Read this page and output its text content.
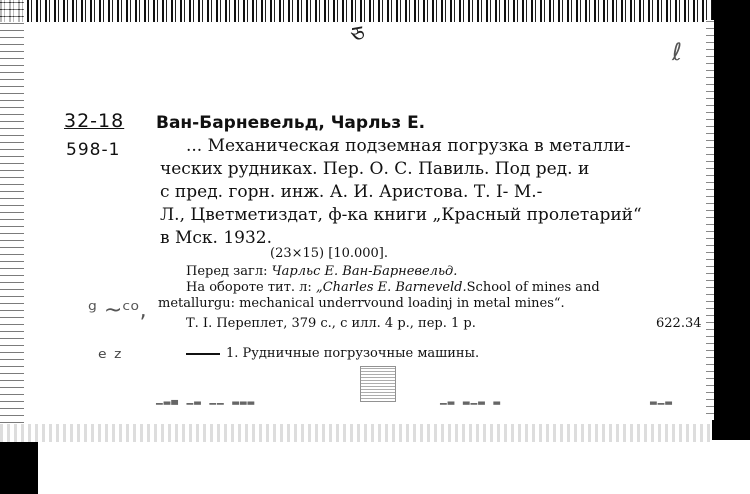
ཅ
ℓ
32-18
598-1
Ван-Барневельд, Чарльз Е.
... Механическая подземная погрузка в металли-
ческих рудниках. Пер. О. С. Павиль. Под ред. и
с пред. горн. инж. А. И. Аристова. Т. I- М.-
Л., Цветметиздат, ф-ка книги „Красный пролетарий“
в Мск. 1932.
(23×15) [10.000].
Перед загл: Чарльс Е. Ван-Барневельд.
На обороте тит. л: „Charles E. Barneveld.School of mines and
metallurgu: mechanical underrvound loadinj in metal mines“.
Т. I. Переплет, 379 с., с илл. 4 р., пер. 1 р.	622.34
1. Рудничные погрузочные машины.
ᵍ ~ᶜᵒ,
ᵉ ᶻ
▁▂▃ ▁▂ ▁▁ ▂▂▂	▁▂ ▂▁▂ ▂	▂▁▂
